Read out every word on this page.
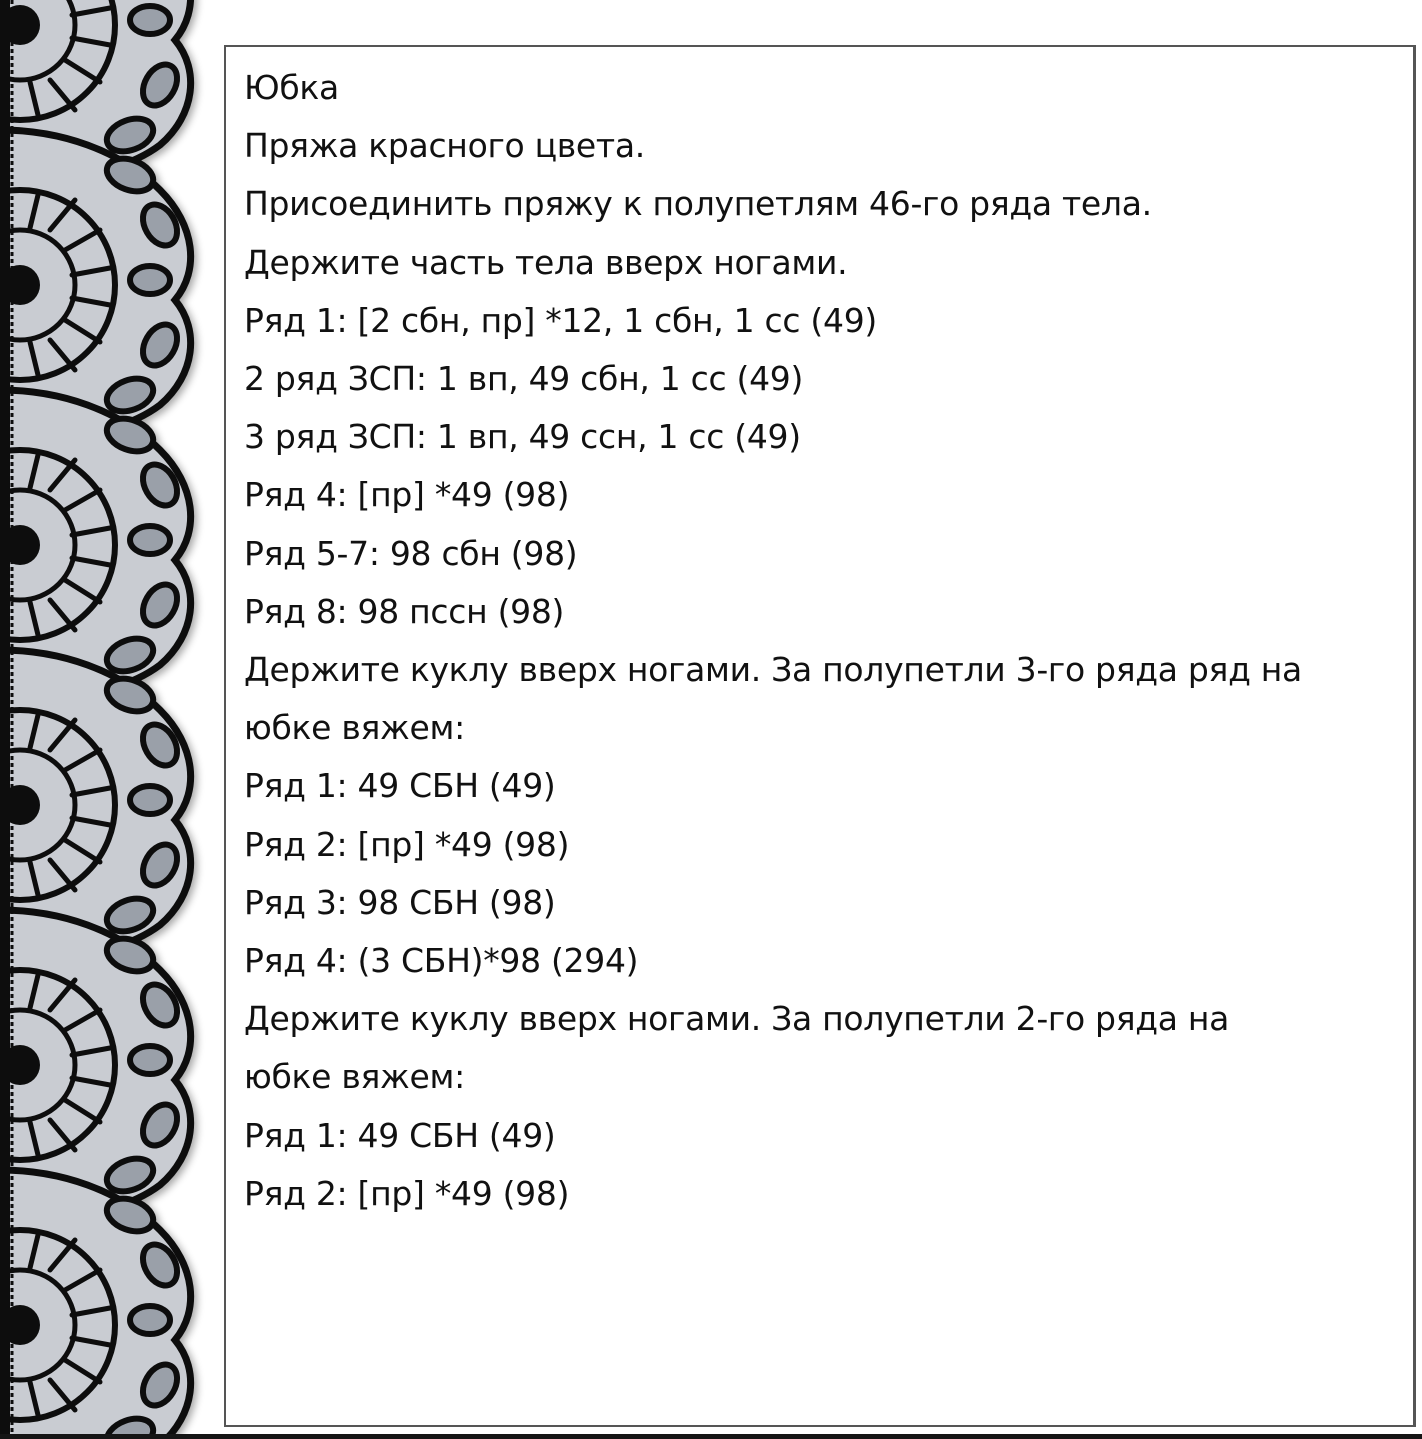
Юбка

Пряжа красного цвета.

Присоединить пряжу к полупетлям 46-го ряда тела.

Держите часть тела вверх ногами.

Ряд 1: [2 сбн, пр] *12, 1 сбн, 1 сс (49)

2 ряд ЗСП: 1 вп, 49 сбн, 1 сс (49)

3 ряд ЗСП: 1 вп, 49 ссн, 1 сс (49)

Ряд 4: [пр] *49 (98)

Ряд 5-7: 98 сбн (98)

Ряд 8: 98 пссн (98)

Держите куклу вверх ногами. За полупетли 3-го ряда ряд на

юбке вяжем:

Ряд 1: 49 СБН (49)

Ряд 2: [пр] *49 (98)

Ряд 3: 98 СБН (98)

Ряд 4: (3 СБН)*98 (294)

Держите куклу вверх ногами. За полупетли 2-го ряда на

юбке вяжем:

Ряд 1: 49 СБН (49)

Ряд 2: [пр] *49 (98)
